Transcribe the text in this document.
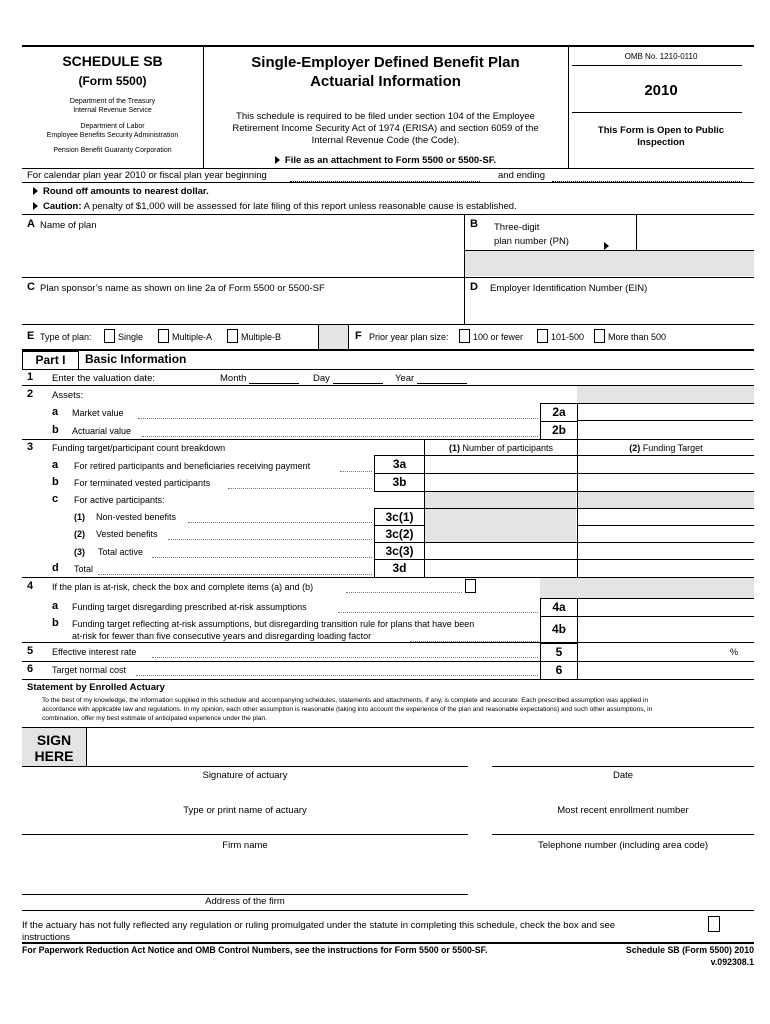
SCHEDULE SB
(Form 5500)
Department of the Treasury
Internal Revenue Service
Department of Labor
Employee Benefits Security Administration
Pension Benefit Guaranty Corporation
Single-Employer Defined Benefit Plan
Actuarial Information
This schedule is required to be filed under section 104 of the Employee
Retirement Income Security Act of 1974 (ERISA) and section 6059 of the
Internal Revenue Code (the Code).
File as an attachment to Form 5500 or 5500-SF.
OMB No. 1210-0110
2010
This Form is Open to Public
Inspection
For calendar plan year 2010 or fiscal plan year beginning	and ending
Round off amounts to nearest dollar.
Caution: A penalty of $1,000 will be assessed for late filing of this report unless reasonable cause is established.
A Name of plan	B Three-digit
plan number (PN)
C Plan sponsor’s name as shown on line 2a of Form 5500 or 5500-SF	D Employer Identification Number (EIN)
E Type of plan:	Single	Multiple-A	Multiple-B	F Prior year plan size:	100 or fewer	101-500	More than 500
Part I	Basic Information
1 Enter the valuation date:	Month	Day	Year
2 Assets:
a Market value	2a
b Actuarial value	2b
3 Funding target/participant count breakdown	(1) Number of participants	(2) Funding Target
a For retired participants and beneficiaries receiving payment	3a
b For terminated vested participants	3b
c For active participants:
(1) Non-vested benefits	3c(1)
(2) Vested benefits	3c(2)
(3) Total active	3c(3)
d Total	3d
4 If the plan is at-risk, check the box and complete items (a) and (b)
a Funding target disregarding prescribed at-risk assumptions	4a
b Funding target reflecting at-risk assumptions, but disregarding transition rule for plans that have been
at-risk for fewer than five consecutive years and disregarding loading factor	4b
5 Effective interest rate	5	%
6 Target normal cost	6
Statement by Enrolled Actuary
To the best of my knowledge, the information supplied in this schedule and accompanying schedules, statements and attachments, if any, is complete and accurate. Each prescribed assumption was applied in
accordance with applicable law and regulations. In my opinion, each other assumption is reasonable (taking into account the experience of the plan and reasonable expectations) and such other assumptions, in
combination, offer my best estimate of anticipated experience under the plan.
SIGN
HERE
Signature of actuary	Date
Type or print name of actuary	Most recent enrollment number
Firm name	Telephone number (including area code)
Address of the firm
If the actuary has not fully reflected any regulation or ruling promulgated under the statute in completing this schedule, check the box and see
instructions
For Paperwork Reduction Act Notice and OMB Control Numbers, see the instructions for Form 5500 or 5500-SF.	Schedule SB (Form 5500) 2010
v.092308.1
